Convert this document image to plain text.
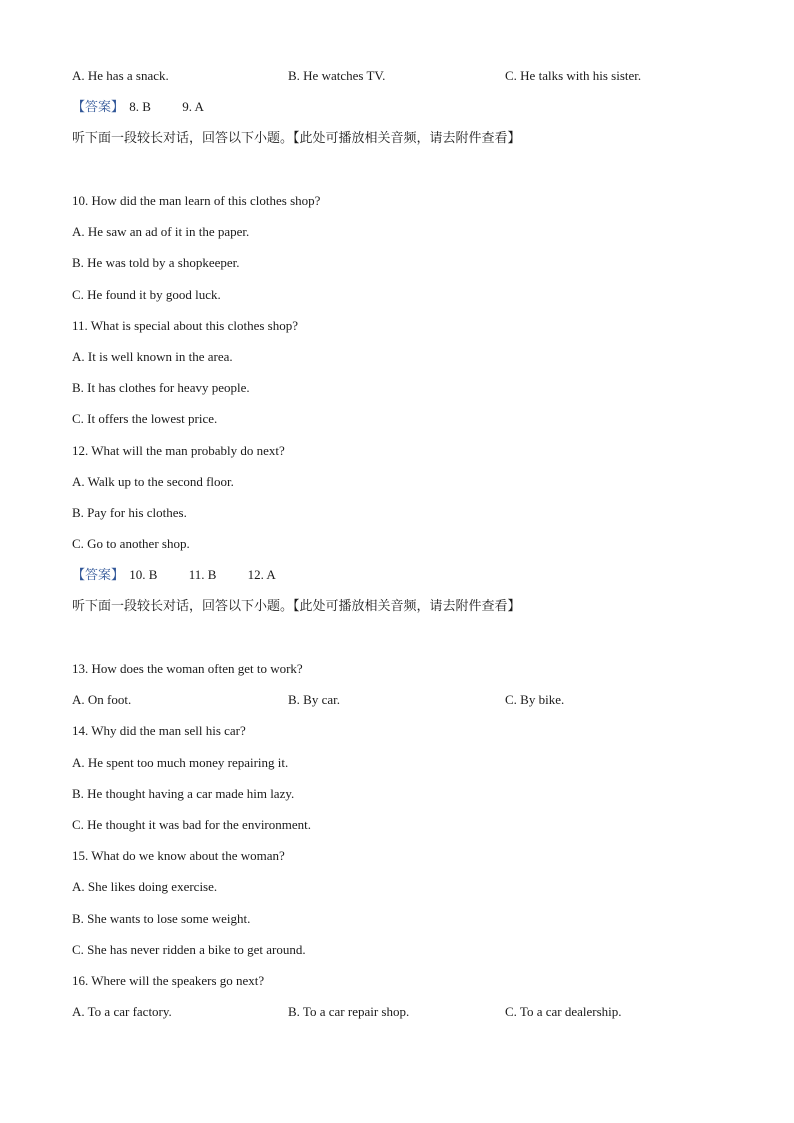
A. He has a snack.	B. He watches TV.	C. He talks with his sister.
【答案】 8. B 9. A
听下面一段较长对话，回答以下小题。【此处可播放相关音频，请去附件查看】
10. How did the man learn of this clothes shop?
A. He saw an ad of it in the paper.
B. He was told by a shopkeeper.
C. He found it by good luck.
11. What is special about this clothes shop?
A. It is well known in the area.
B. It has clothes for heavy people.
C. It offers the lowest price.
12. What will the man probably do next?
A. Walk up to the second floor.
B. Pay for his clothes.
C. Go to another shop.
【答案】 10. B 11. B 12. A
听下面一段较长对话，回答以下小题。【此处可播放相关音频，请去附件查看】
13. How does the woman often get to work?
A. On foot.	B. By car.	C. By bike.
14. Why did the man sell his car?
A. He spent too much money repairing it.
B. He thought having a car made him lazy.
C. He thought it was bad for the environment.
15. What do we know about the woman?
A. She likes doing exercise.
B. She wants to lose some weight.
C. She has never ridden a bike to get around.
16. Where will the speakers go next?
A. To a car factory.	B. To a car repair shop.	C. To a car dealership.
